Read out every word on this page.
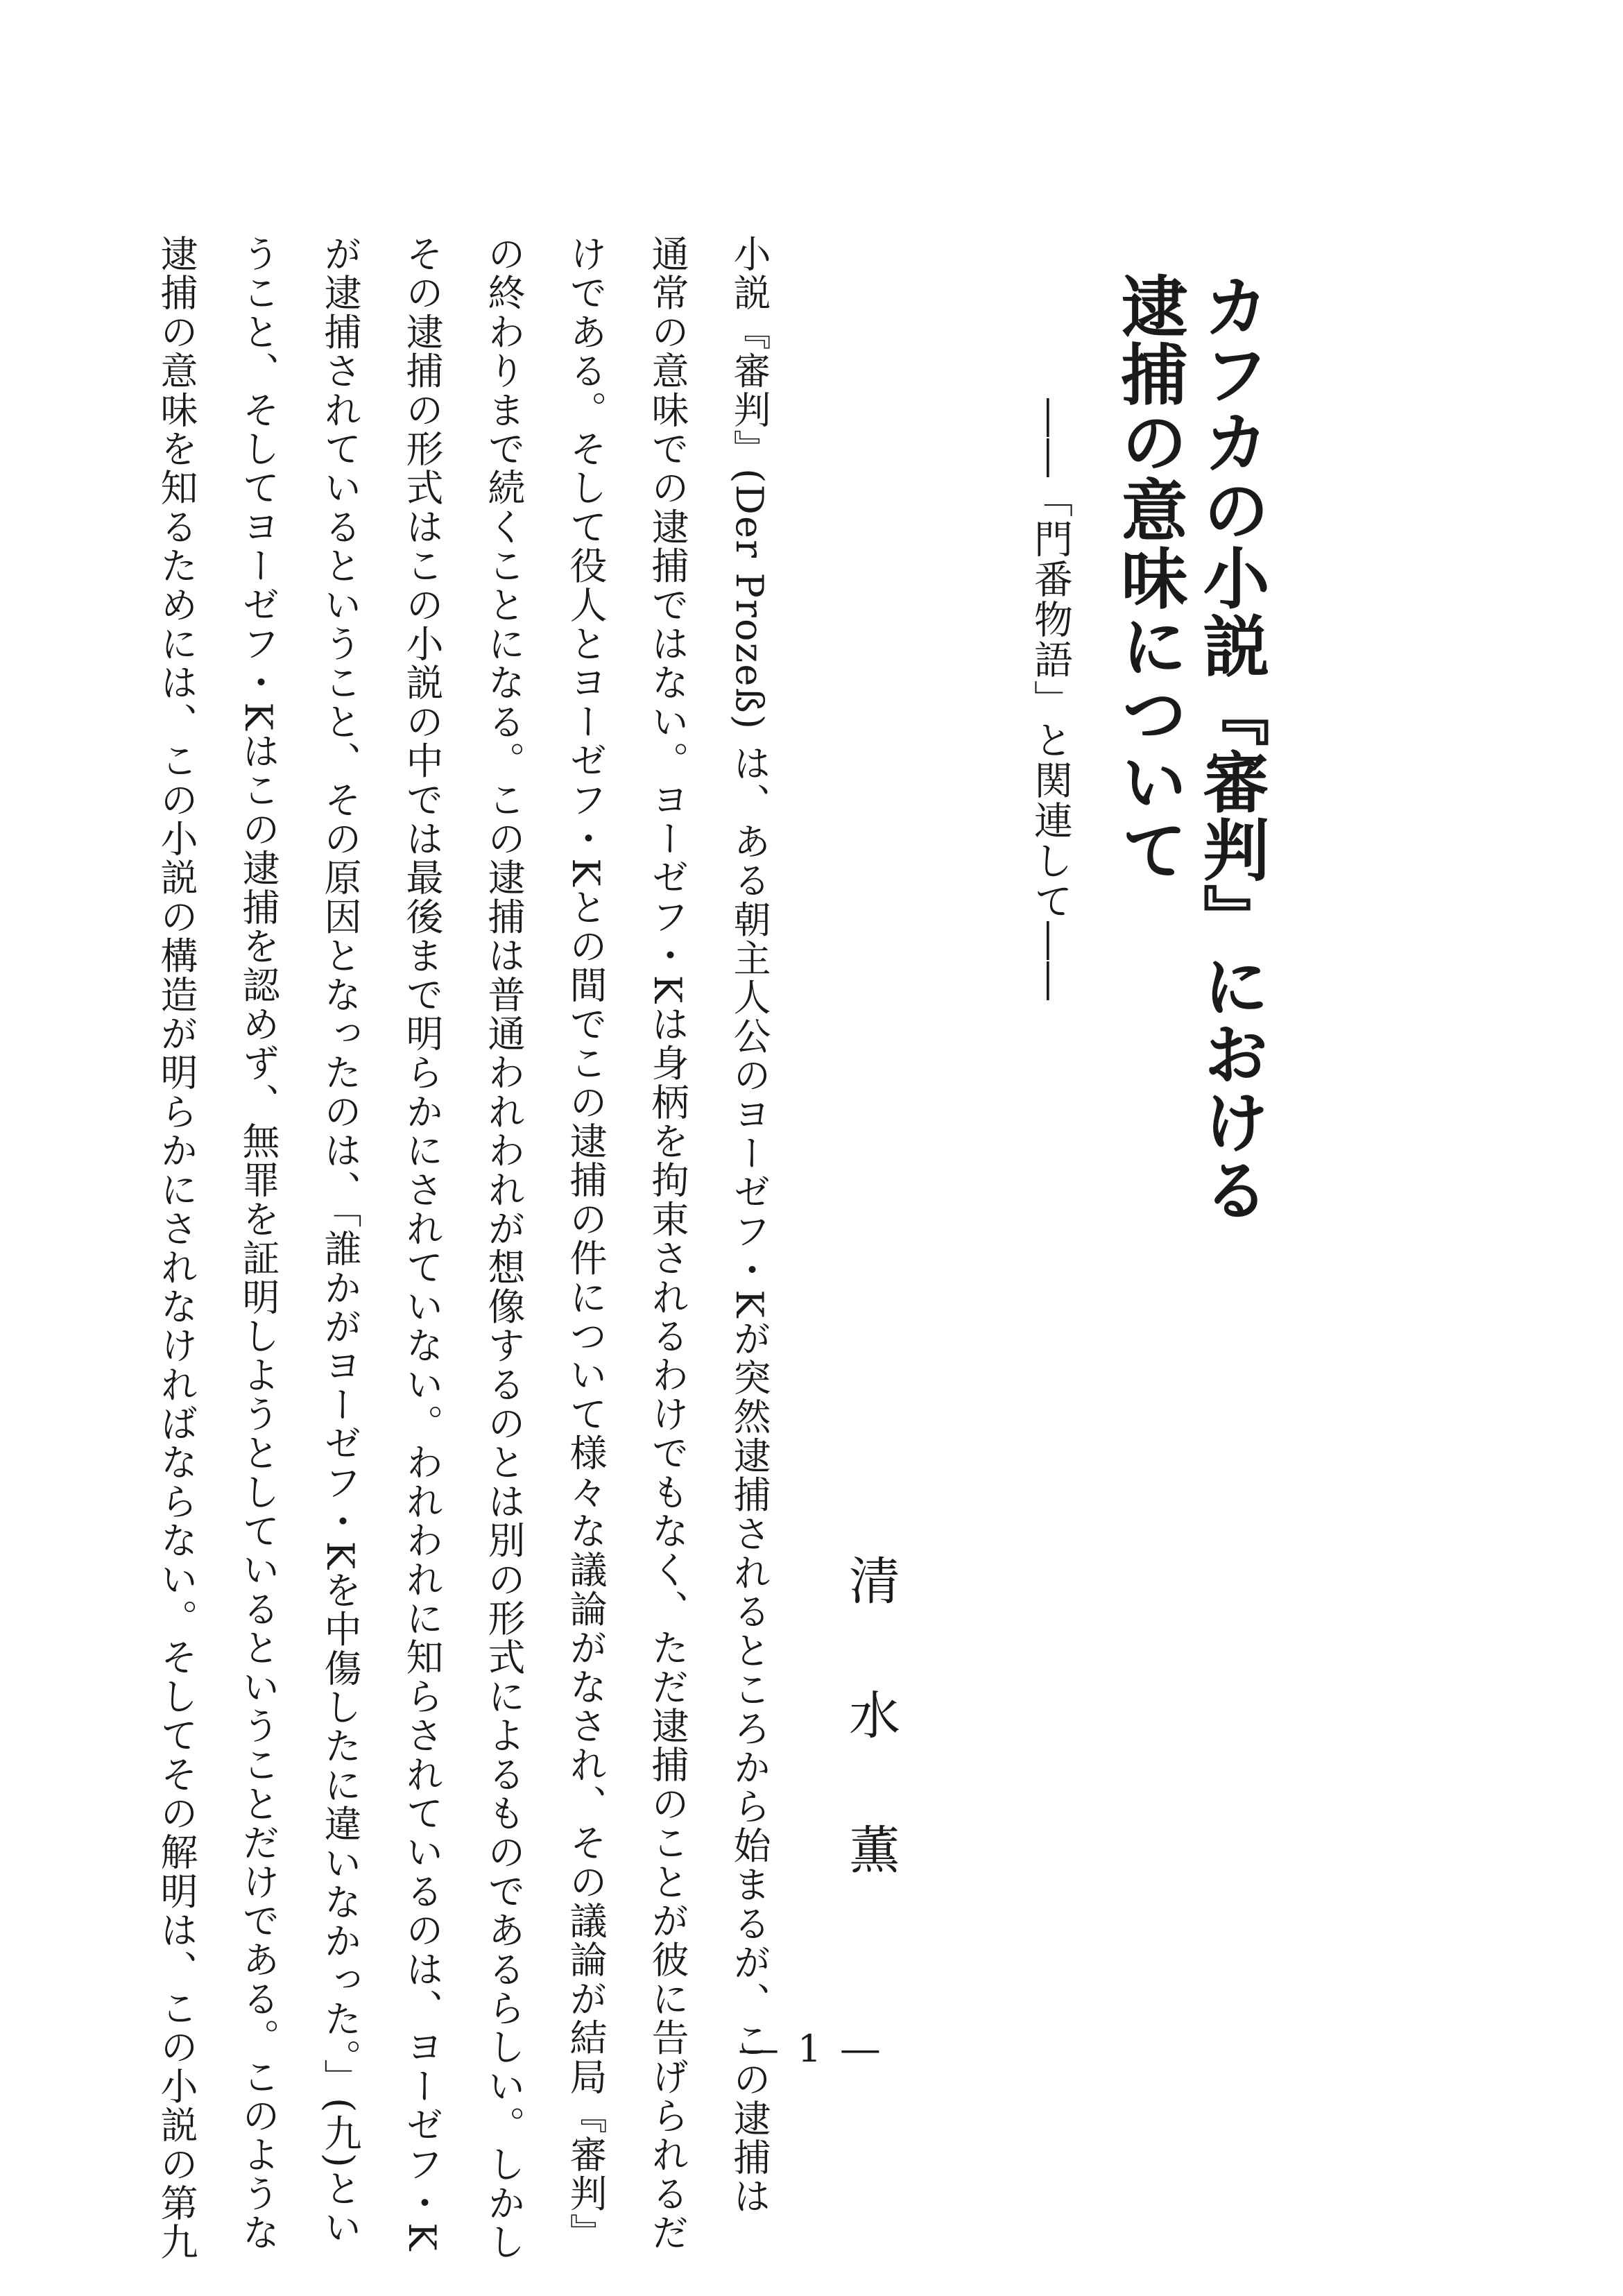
カフカの小説『審判』における
逮捕の意味について
――「門番物語」と関連して――
清水薫
小説『審判』(Der Prozeß) は、ある朝主人公のヨーゼフ・Kが突然逮捕されるところから始まるが、この逮捕は
通常の意味での逮捕ではない。ヨーゼフ・Kは身柄を拘束されるわけでもなく、ただ逮捕のことが彼に告げられるだ
けである。そして役人とヨーゼフ・Kとの間でこの逮捕の件について様々な議論がなされ、その議論が結局『審判』
の終わりまで続くことになる。この逮捕は普通われわれが想像するのとは別の形式によるものであるらしい。しかし
その逮捕の形式はこの小説の中では最後まで明らかにされていない。われわれに知らされているのは、ヨーゼフ・K
が逮捕されているということ、その原因となったのは、「誰かがヨーゼフ・Kを中傷したに違いなかった。」(九)とい
うこと、そしてヨーゼフ・Kはこの逮捕を認めず、無罪を証明しようとしているということだけである。このような
逮捕の意味を知るためには、この小説の構造が明らかにされなければならない。そしてその解明は、この小説の第九	― 1 ―
